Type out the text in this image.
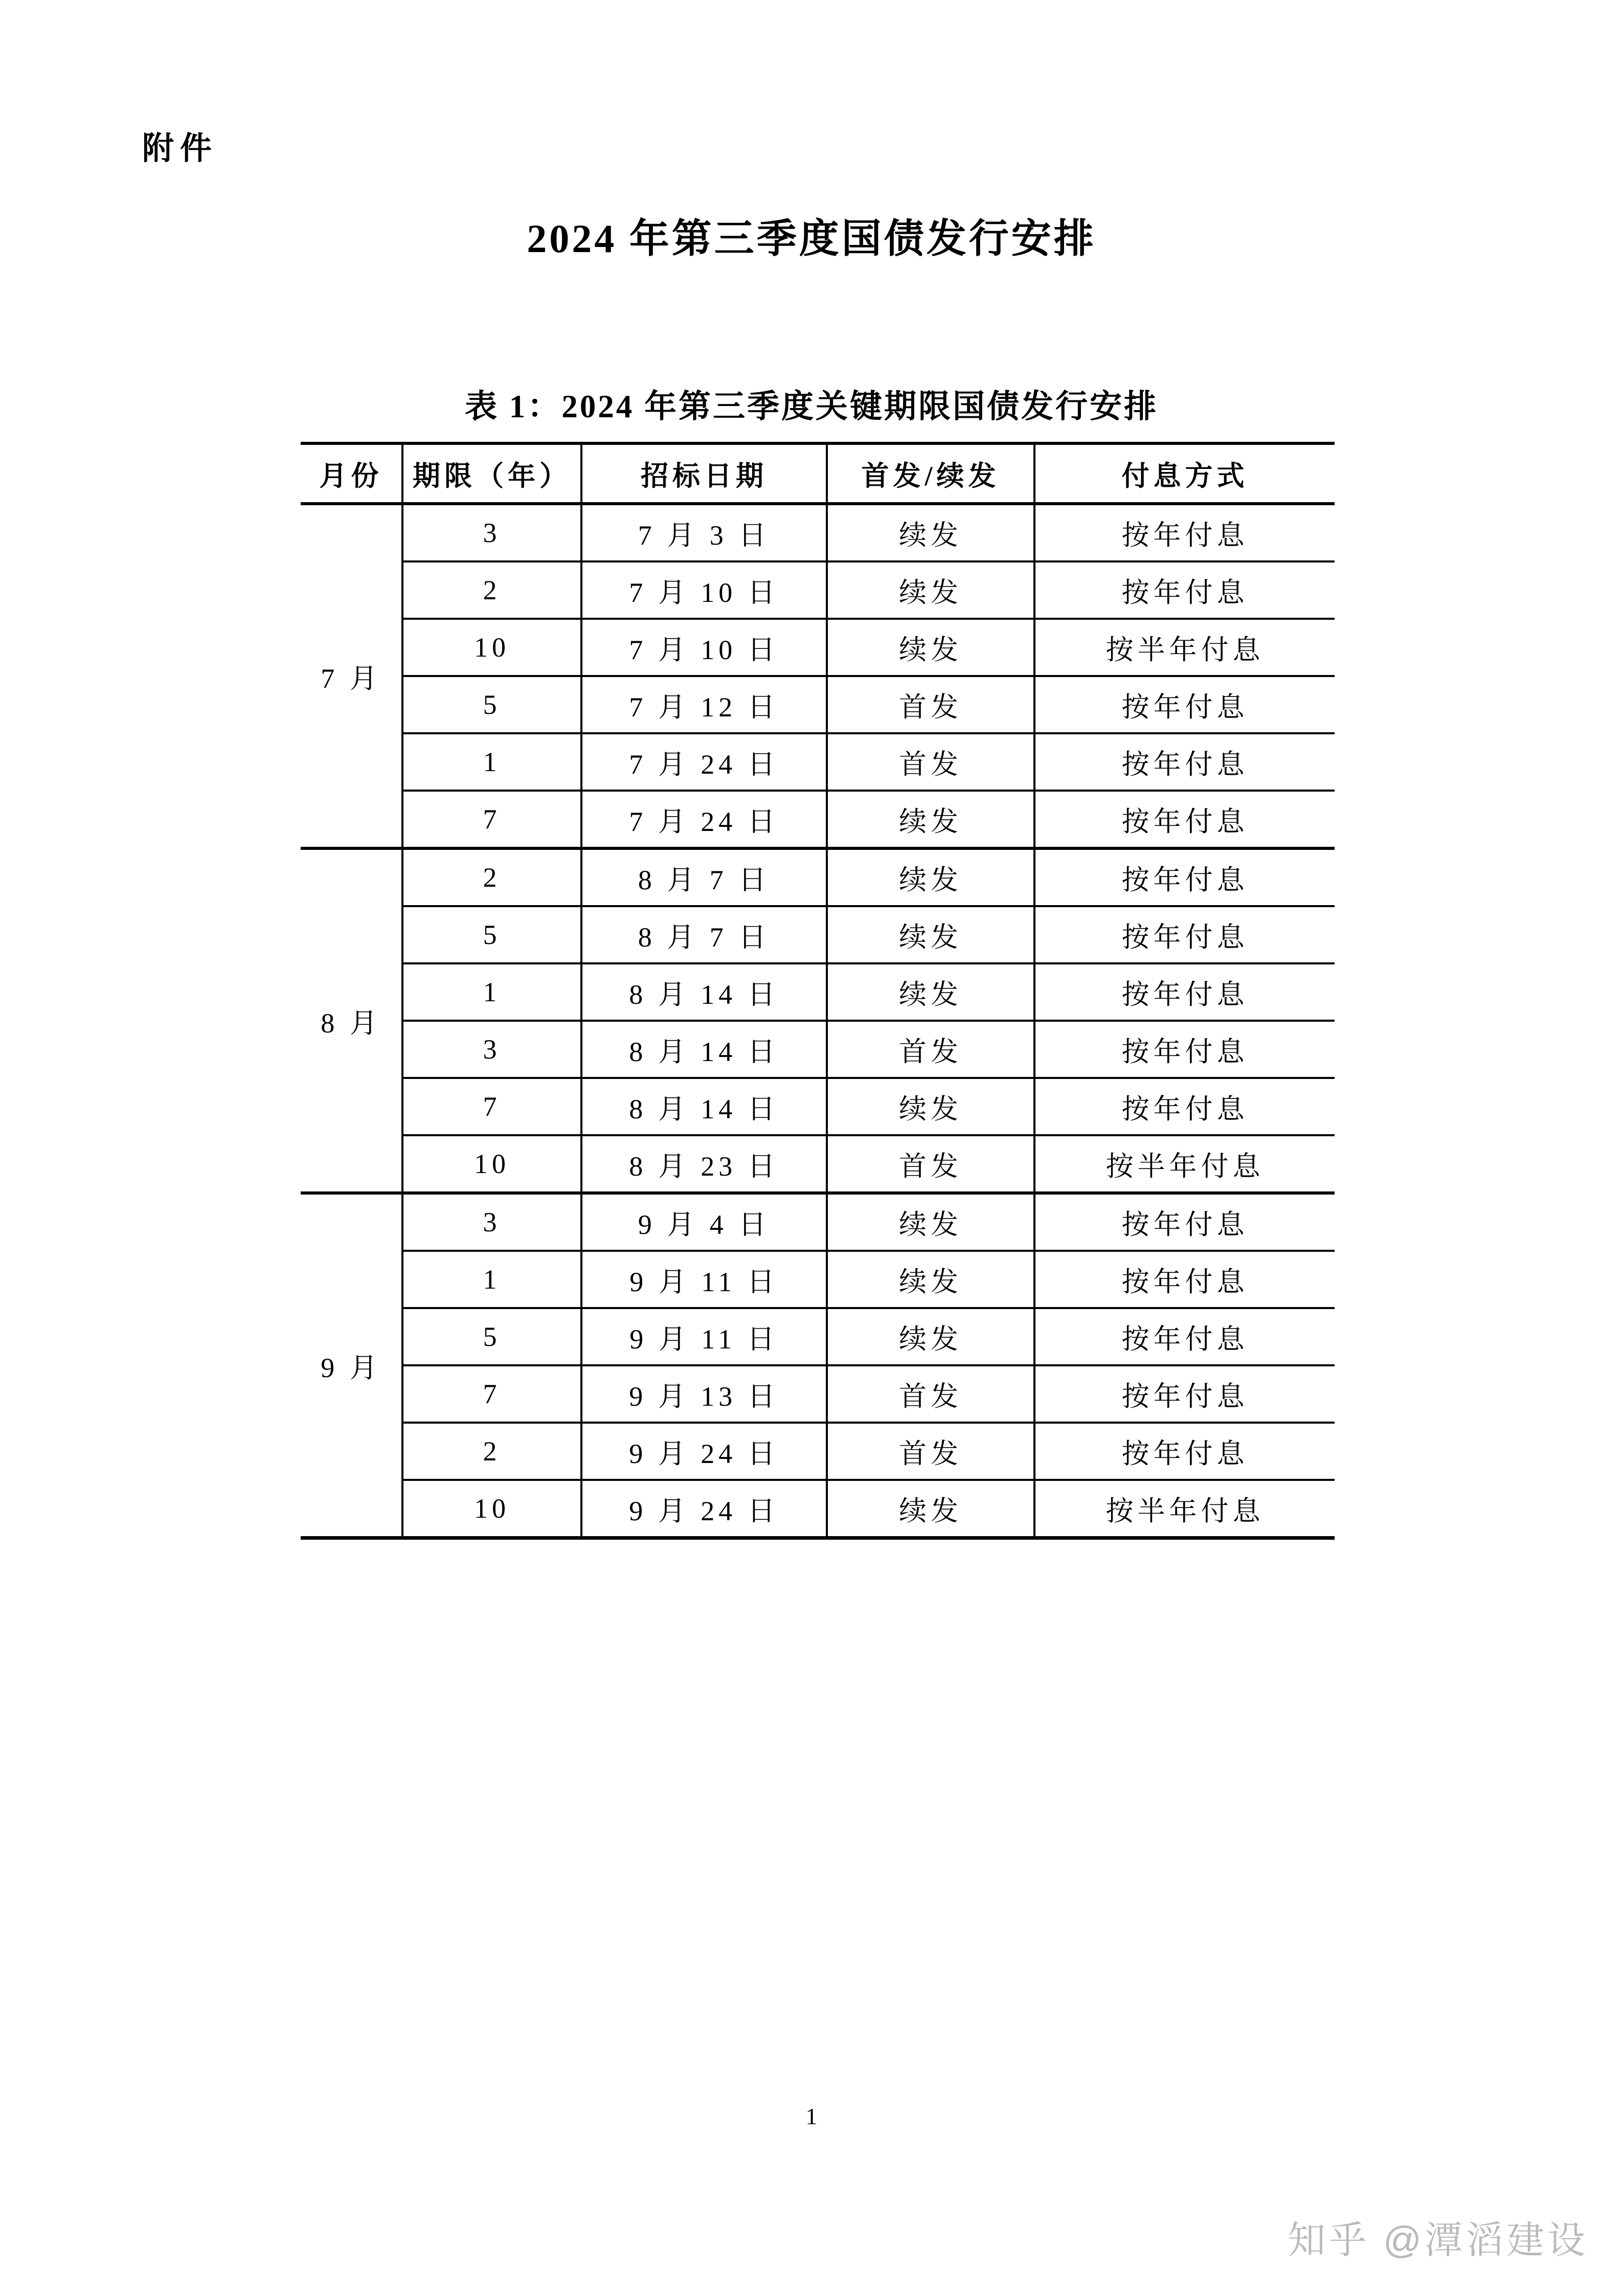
附件
2024 年第三季度国债发行安排
表 1：2024 年第三季度关键期限国债发行安排
月份	期限（年）	招标日期	首发/续发	付息方式
7 月	3	7 月 3 日	续发	按年付息
	2	7 月 10 日	续发	按年付息
	10	7 月 10 日	续发	按半年付息
	5	7 月 12 日	首发	按年付息
	1	7 月 24 日	首发	按年付息
	7	7 月 24 日	续发	按年付息
8 月	2	8 月 7 日	续发	按年付息
	5	8 月 7 日	续发	按年付息
	1	8 月 14 日	续发	按年付息
	3	8 月 14 日	首发	按年付息
	7	8 月 14 日	续发	按年付息
	10	8 月 23 日	首发	按半年付息
9 月	3	9 月 4 日	续发	按年付息
	1	9 月 11 日	续发	按年付息
	5	9 月 11 日	续发	按年付息
	7	9 月 13 日	首发	按年付息
	2	9 月 24 日	首发	按年付息
	10	9 月 24 日	续发	按半年付息
1
知乎 @潭滔建设
